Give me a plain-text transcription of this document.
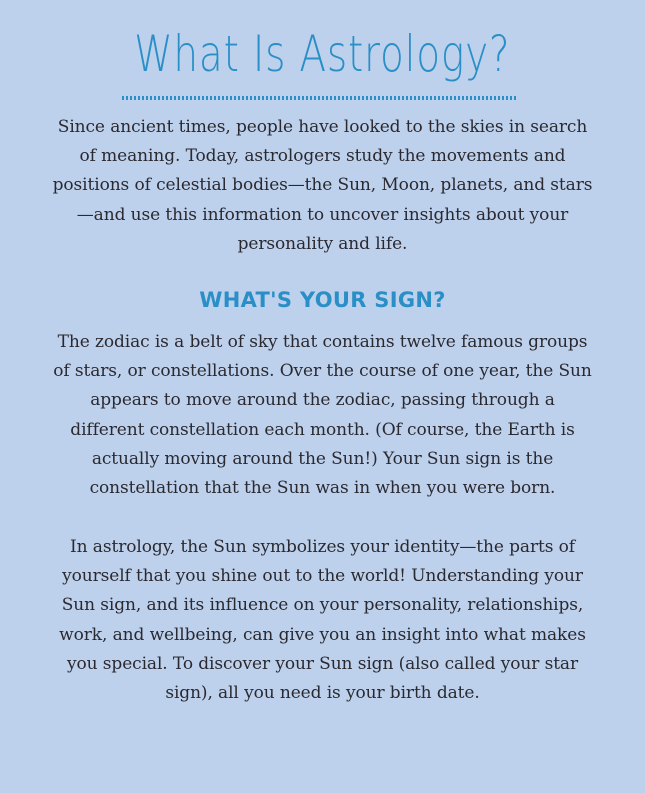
What Is Astrology?

Since ancient times, people have looked to the skies in search of meaning. Today, astrologers study the movements and positions of celestial bodies—the Sun, Moon, planets, and stars—and use this information to uncover insights about your personality and life.

WHAT'S YOUR SIGN?

The zodiac is a belt of sky that contains twelve famous groups of stars, or constellations. Over the course of one year, the Sun appears to move around the zodiac, passing through a different constellation each month. (Of course, the Earth is actually moving around the Sun!) Your Sun sign is the constellation that the Sun was in when you were born.

In astrology, the Sun symbolizes your identity—the parts of yourself that you shine out to the world! Understanding your Sun sign, and its influence on your personality, relationships, work, and wellbeing, can give you an insight into what makes you special. To discover your Sun sign (also called your star sign), all you need is your birth date.
